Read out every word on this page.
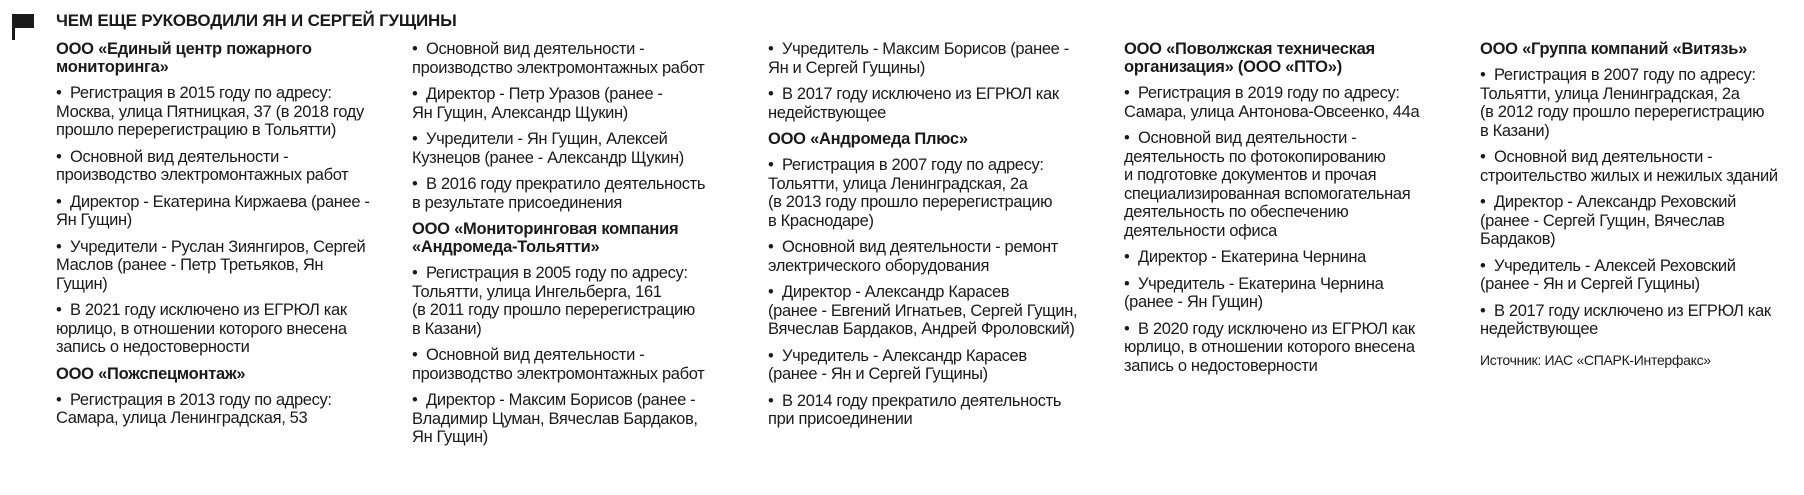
ЧЕМ ЕЩЕ РУКОВОДИЛИ ЯН И СЕРГЕЙ ГУЩИНЫ
ООО «Единый центр пожарного
мониторинга»
• Регистрация в 2015 году по адресу:
Москва, улица Пятницкая, 37 (в 2018 году
прошло перерегистрацию в Тольятти)
• Основной вид деятельности -
производство электромонтажных работ
• Директор - Екатерина Киржаева (ранее -
Ян Гущин)
• Учредители - Руслан Зиянгиров, Сергей
Маслов (ранее - Петр Третьяков, Ян
Гущин)
• В 2021 году исключено из ЕГРЮЛ как
юрлицо, в отношении которого внесена
запись о недостоверности
ООО «Пожспецмонтаж»
• Регистрация в 2013 году по адресу:
Самара, улица Ленинградская, 53
• Основной вид деятельности -
производство электромонтажных работ
• Директор - Петр Уразов (ранее -
Ян Гущин, Александр Щукин)
• Учредители - Ян Гущин, Алексей
Кузнецов (ранее - Александр Щукин)
• В 2016 году прекратило деятельность
в результате присоединения
ООО «Мониторинговая компания
«Андромеда-Тольятти»
• Регистрация в 2005 году по адресу:
Тольятти, улица Ингельберга, 161
(в 2011 году прошло перерегистрацию
в Казани)
• Основной вид деятельности -
производство электромонтажных работ
• Директор - Максим Борисов (ранее -
Владимир Цуман, Вячеслав Бардаков,
Ян Гущин)
• Учредитель - Максим Борисов (ранее -
Ян и Сергей Гущины)
• В 2017 году исключено из ЕГРЮЛ как
недействующее
ООО «Андромеда Плюс»
• Регистрация в 2007 году по адресу:
Тольятти, улица Ленинградская, 2а
(в 2013 году прошло перерегистрацию
в Краснодаре)
• Основной вид деятельности - ремонт
электрического оборудования
• Директор - Александр Карасев
(ранее - Евгений Игнатьев, Сергей Гущин,
Вячеслав Бардаков, Андрей Фроловский)
• Учредитель - Александр Карасев
(ранее - Ян и Сергей Гущины)
• В 2014 году прекратило деятельность
при присоединении
ООО «Поволжская техническая
организация» (ООО «ПТО»)
• Регистрация в 2019 году по адресу:
Самара, улица Антонова-Овсеенко, 44а
• Основной вид деятельности -
деятельность по фотокопированию
и подготовке документов и прочая
специализированная вспомогательная
деятельность по обеспечению
деятельности офиса
• Директор - Екатерина Чернина
• Учредитель - Екатерина Чернина
(ранее - Ян Гущин)
• В 2020 году исключено из ЕГРЮЛ как
юрлицо, в отношении которого внесена
запись о недостоверности
ООО «Группа компаний «Витязь»
• Регистрация в 2007 году по адресу:
Тольятти, улица Ленинградская, 2а
(в 2012 году прошло перерегистрацию
в Казани)
• Основной вид деятельности -
строительство жилых и нежилых зданий
• Директор - Александр Реховский
(ранее - Сергей Гущин, Вячеслав
Бардаков)
• Учредитель - Алексей Реховский
(ранее - Ян и Сергей Гущины)
• В 2017 году исключено из ЕГРЮЛ как
недействующее
Источник: ИАС «СПАРК-Интерфакс»
